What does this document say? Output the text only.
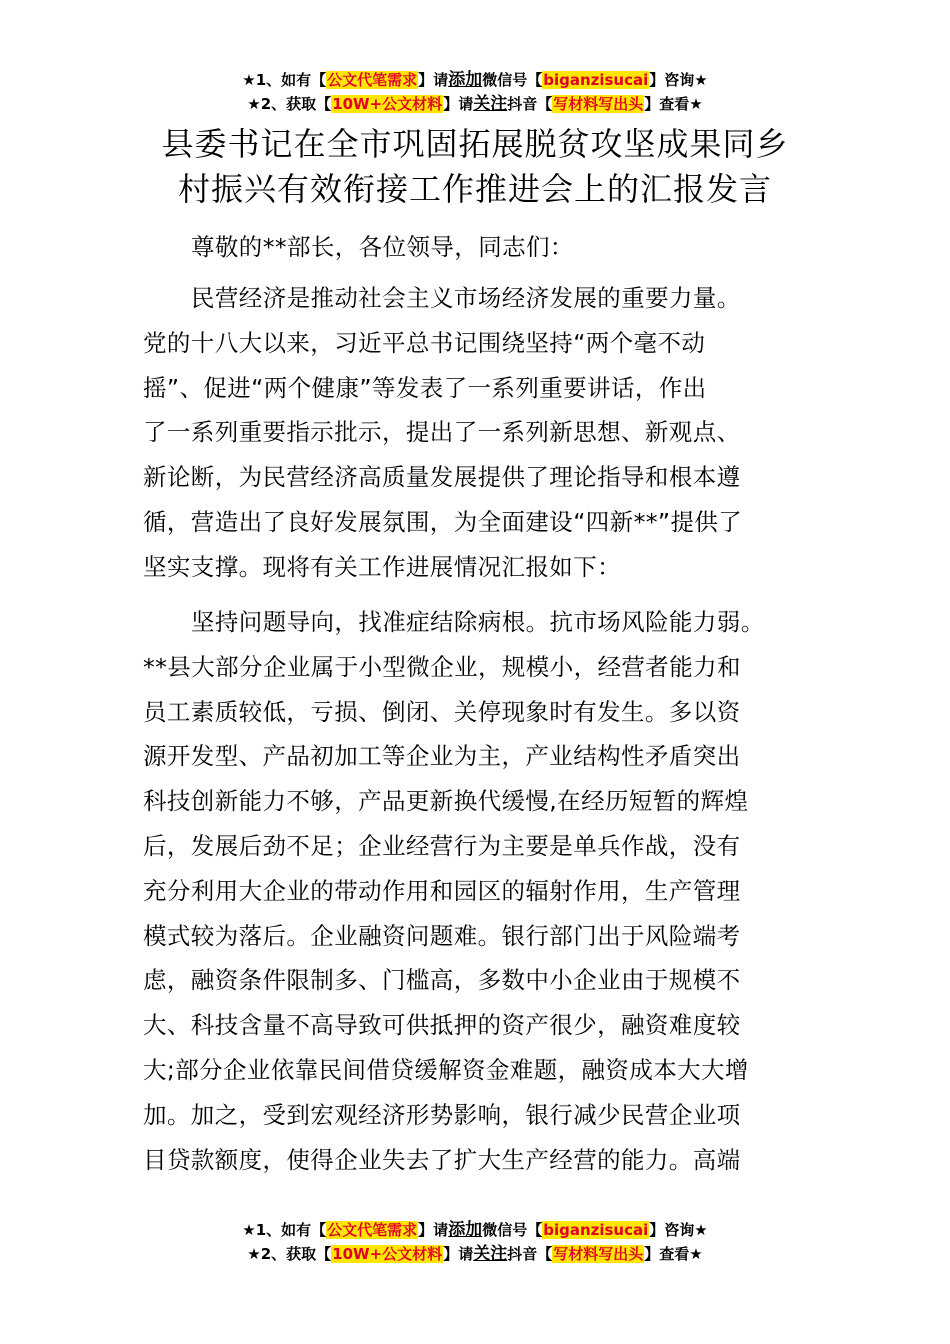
★1、如有【公文代笔需求】请添加微信号【biganzisucai】咨询★
★2、获取【10W+公文材料】请关注抖音【写材料写出头】查看★
县委书记在全市巩固拓展脱贫攻坚成果同乡
村振兴有效衔接工作推进会上的汇报发言
尊敬的**部长，各位领导，同志们：
民营经济是推动社会主义市场经济发展的重要力量。
党的十八大以来，习近平总书记围绕坚持“两个毫不动
摇”、促进“两个健康”等发表了一系列重要讲话，作出
了一系列重要指示批示，提出了一系列新思想、新观点、
新论断，为民营经济高质量发展提供了理论指导和根本遵
循，营造出了良好发展氛围，为全面建设“四新**”提供了
坚实支撑。现将有关工作进展情况汇报如下：
坚持问题导向，找准症结除病根。抗市场风险能力弱。
**县大部分企业属于小型微企业，规模小，经营者能力和
员工素质较低，亏损、倒闭、关停现象时有发生。多以资
源开发型、产品初加工等企业为主，产业结构性矛盾突出
科技创新能力不够，产品更新换代缓慢,在经历短暂的辉煌
后，发展后劲不足；企业经营行为主要是单兵作战，没有
充分利用大企业的带动作用和园区的辐射作用，生产管理
模式较为落后。企业融资问题难。银行部门出于风险端考
虑，融资条件限制多、门槛高，多数中小企业由于规模不
大、科技含量不高导致可供抵押的资产很少，融资难度较
大;部分企业依靠民间借贷缓解资金难题，融资成本大大增
加。加之，受到宏观经济形势影响，银行减少民营企业项
目贷款额度，使得企业失去了扩大生产经营的能力。高端
★1、如有【公文代笔需求】请添加微信号【biganzisucai】咨询★
★2、获取【10W+公文材料】请关注抖音【写材料写出头】查看★
